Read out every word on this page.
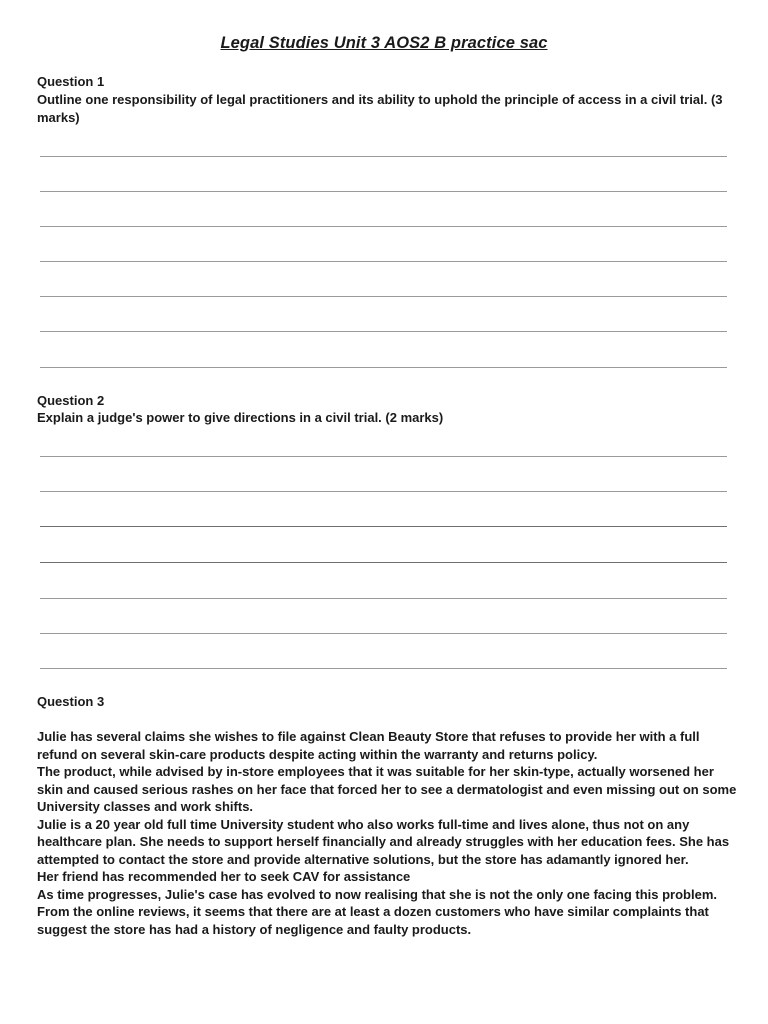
Legal Studies Unit 3 AOS2 B practice sac
Question 1
Outline one responsibility of legal practitioners and its ability to uphold the principle of access in a civil trial. (3 marks)
Question 2
Explain a judge's power to give directions in a civil trial. (2 marks)
Question 3

Julie has several claims she wishes to file against Clean Beauty Store that refuses to provide her with a full refund on several skin-care products despite acting within the warranty and returns policy.

The product, while advised by in-store employees that it was suitable for her skin-type, actually worsened her skin and caused serious rashes on her face that forced her to see a dermatologist and even missing out on some University classes and work shifts.

Julie is a 20 year old full time University student who also works full-time and lives alone, thus not on any healthcare plan. She needs to support herself financially and already struggles with her education fees. She has attempted to contact the store and provide alternative solutions, but the store has adamantly ignored her.

Her friend has recommended her to seek CAV for assistance

As time progresses, Julie's case has evolved to now realising that she is not the only one facing this problem. From the online reviews, it seems that there are at least a dozen customers who have similar complaints that suggest the store has had a history of negligence and faulty products.
